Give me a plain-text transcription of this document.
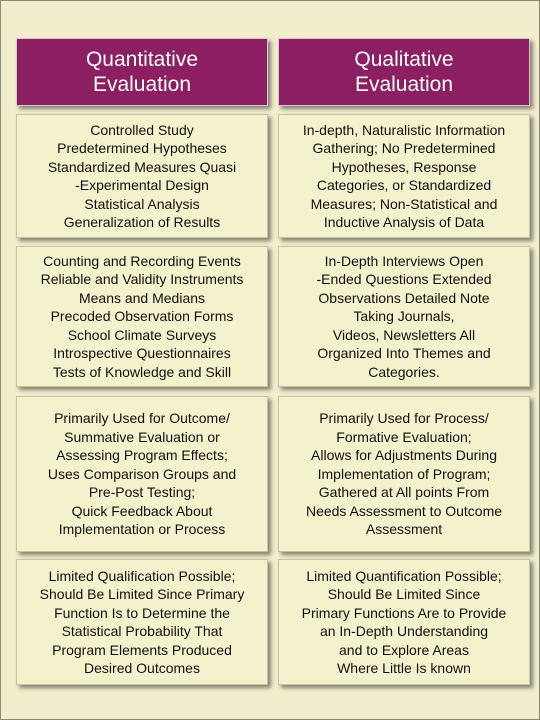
Quantitative
Evaluation
Qualitative
Evaluation
Controlled Study
Predetermined Hypotheses
Standardized Measures Quasi
-Experimental Design
Statistical Analysis
Generalization of Results
In-depth, Naturalistic Information
Gathering; No Predetermined
Hypotheses, Response
Categories, or Standardized
Measures; Non-Statistical and
Inductive Analysis of Data
Counting and Recording Events
Reliable and Validity Instruments
Means and Medians
Precoded Observation Forms
School Climate Surveys
Introspective Questionnaires
Tests of Knowledge and Skill
In-Depth Interviews Open
-Ended Questions Extended
Observations Detailed Note
Taking Journals,
Videos, Newsletters All
Organized Into Themes and
Categories.
Primarily Used for Outcome/
Summative Evaluation or
Assessing Program Effects;
Uses Comparison Groups and
Pre-Post Testing;
Quick Feedback About
Implementation or Process
Primarily Used for Process/
Formative Evaluation;
Allows for Adjustments During
Implementation of Program;
Gathered at All points From
Needs Assessment to Outcome
Assessment
Limited Qualification Possible;
Should Be Limited Since Primary
Function Is to Determine the
Statistical Probability That
Program Elements Produced
Desired Outcomes
Limited Quantification Possible;
Should Be Limited Since
Primary Functions Are to Provide
an In-Depth Understanding
and to Explore Areas
Where Little Is known
